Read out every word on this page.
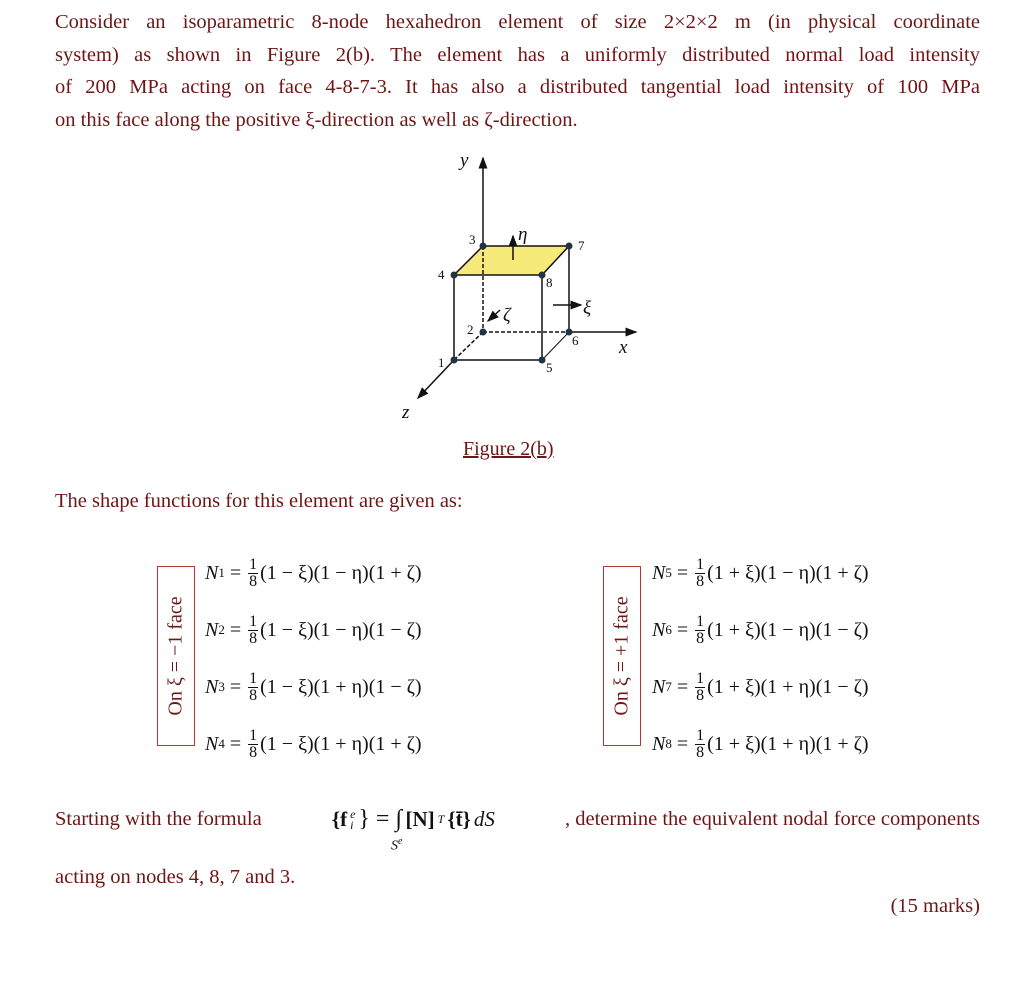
Consider an isoparametric 8-node hexahedron element of size 2×2×2 m (in physical coordinate
system) as shown in Figure 2(b). The element has a uniformly distributed normal load intensity
of 200 MPa acting on face 4-8-7-3. It has also a distributed tangential load intensity of 100 MPa
on this face along the positive ξ-direction as well as ζ-direction.
1
2
3
4
5
6
7
8
y
x
z
ξ
η
ζ
Figure 2(b)
The shape functions for this element are given as:
On ξ = −1 face	On ξ = +1 face
N $1 = \frac{1}{8} (1 - \xi)(1 - \eta)(1 + \zeta)$
N $2 = \frac{1}{8} (1 - \xi)(1 - \eta)(1 - \zeta)$
N $3 = \frac{1}{8} (1 - \xi)(1 + \eta)(1 - \zeta)$
N $4 = \frac{1}{8} (1 - \xi)(1 + \eta)(1 + \zeta)$
N $5 = \frac{1}{8} (1 + \xi)(1 - \eta)(1 + \zeta)$
N $6 = \frac{1}{8} (1 + \xi)(1 - \eta)(1 - \zeta)$
N $7 = \frac{1}{8} (1 + \xi)(1 + \eta)(1 - \zeta)$
N $8 = \frac{1}{8} (1 + \xi)(1 + \eta)(1 + \zeta)$
Starting with the formula	{f e
i } = ∫
$S^e$
[N] T {t̄} dS	, determine the equivalent nodal force components
acting on nodes 4, 8, 7 and 3.
(15 marks)
